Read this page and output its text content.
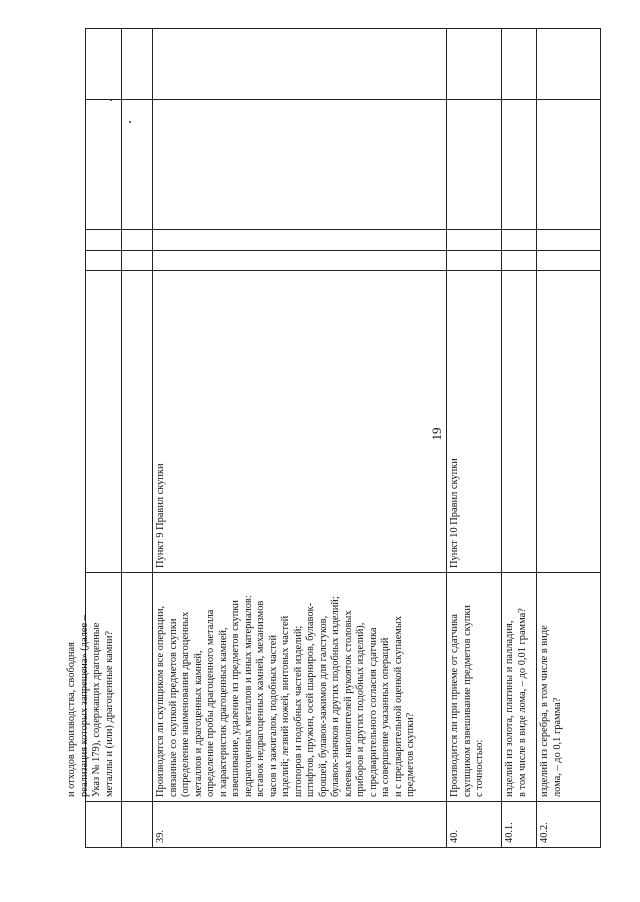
19
и отходов производства, свободная реализация которых запрещена» (далее – Указ № 179), содержащих драгоценные металлы и (или) драгоценные камни?
39.
Производятся ли скупщиком все операции, связанные со скупкой предметов скупки (определение наименования драгоценных металлов и драгоценных камней, определение пробы драгоценного металла и характеристик драгоценных камней, взвешивание, удаление из предметов скупки недрагоценных металлов и иных материалов: вставок недрагоценных камней, механизмов часов и зажигалок, подобных частей изделий; лезвий ножей, винтовых частей штопоров и подобных частей изделий; штифтов, пружин, осей шарниров, булавок- брошей, булавок-зажимов для галстуков, булавок-значков и других подобных изделий; клеевых наполнителей рукояток столовых приборов и других подобных изделий), с предварительного согласия сдатчика на совершение указанных операций и с предварительной оценкой скупаемых предметов скупки?
Пункт 9 Правил скупки
40.
Производится ли при приеме от сдатчика скупщиком взвешивание предметов скупки с точностью:
Пункт 10 Правил скупки
40.1.
изделий из золота, платины и палладия, в том числе в виде лома, – до 0,01 грамма?
40.2.
изделий из серебра, в том числе в виде лома, – до 0,1 грамма?
